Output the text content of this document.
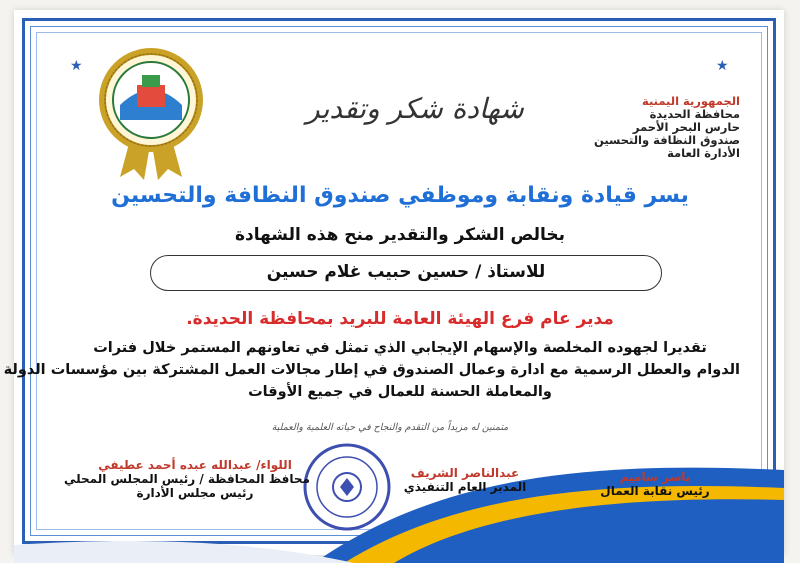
★	★
الجمهورية اليمنية
محافظة الحديدة
حارس البحر الأحمر
صندوق النظافة والتحسين
الأدارة العامة
شهادة شكر وتقدير
يسر قيادة ونقابة وموظفي صندوق النظافة والتحسين
بخالص الشكر والتقدير منح هذه الشهادة
للاستاذ / حسين حبيب غلام حسين
مدير عام فرع الهيئة العامة للبريد بمحافظة الحديدة.
تقديرا لجهوده المخلصة والإسهام الإيجابي الذي تمثل في تعاونهم المستمر خلال فترات
الدوام والعطل الرسمية مع ادارة وعمال الصندوق في إطار مجالات العمل المشتركة بين مؤسسات الدولة
والمعاملة الحسنة للعمال في جميع الأوقات
متمنين له مزيداً من التقدم والنجاح في حياته العلمية والعملية
ياسر ساميم
رئيس نقابة العمال
عبدالناصر الشريف
المدير العام التنفيذي
اللواء/ عبدالله عبده أحمد عطيفي
محافظ المحافظة / رئيس المجلس المحلي
رئيس مجلس الأدارة
